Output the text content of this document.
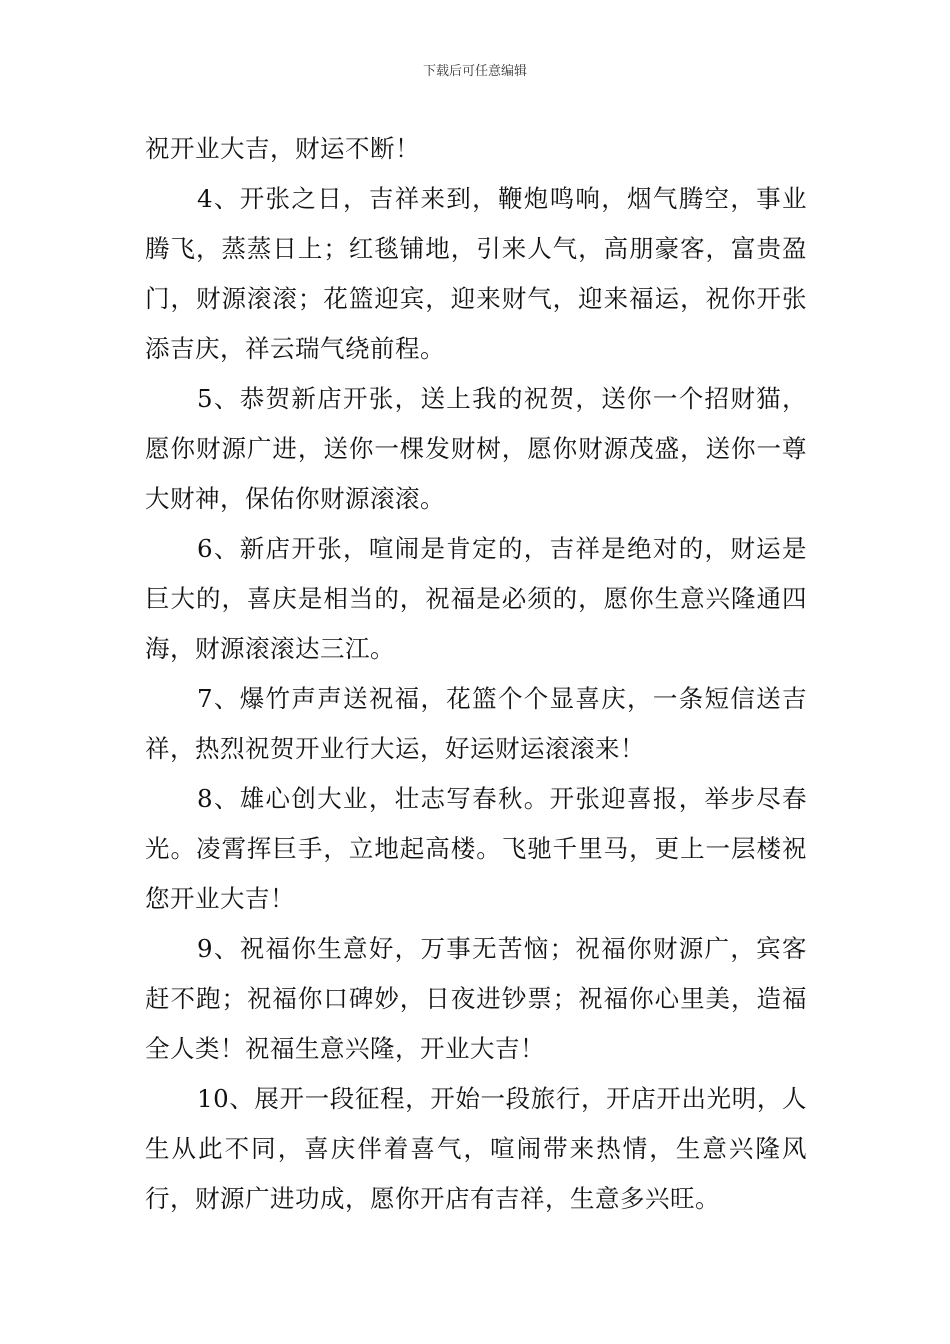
下载后可任意编辑

祝开业大吉，财运不断！

4、开张之日，吉祥来到，鞭炮鸣响，烟气腾空，事业腾飞，蒸蒸日上；红毯铺地，引来人气，高朋豪客，富贵盈门，财源滚滚；花篮迎宾，迎来财气，迎来福运，祝你开张添吉庆，祥云瑞气绕前程。

5、恭贺新店开张，送上我的祝贺，送你一个招财猫，愿你财源广进，送你一棵发财树，愿你财源茂盛，送你一尊大财神，保佑你财源滚滚。

6、新店开张，喧闹是肯定的，吉祥是绝对的，财运是巨大的，喜庆是相当的，祝福是必须的，愿你生意兴隆通四海，财源滚滚达三江。

7、爆竹声声送祝福，花篮个个显喜庆，一条短信送吉祥，热烈祝贺开业行大运，好运财运滚滚来！

8、雄心创大业，壮志写春秋。开张迎喜报，举步尽春光。凌霄挥巨手，立地起高楼。飞驰千里马，更上一层楼祝您开业大吉！

9、祝福你生意好，万事无苦恼；祝福你财源广，宾客赶不跑；祝福你口碑妙，日夜进钞票；祝福你心里美，造福全人类！祝福生意兴隆，开业大吉！

10、展开一段征程，开始一段旅行，开店开出光明，人生从此不同，喜庆伴着喜气，喧闹带来热情，生意兴隆风行，财源广进功成，愿你开店有吉祥，生意多兴旺。
